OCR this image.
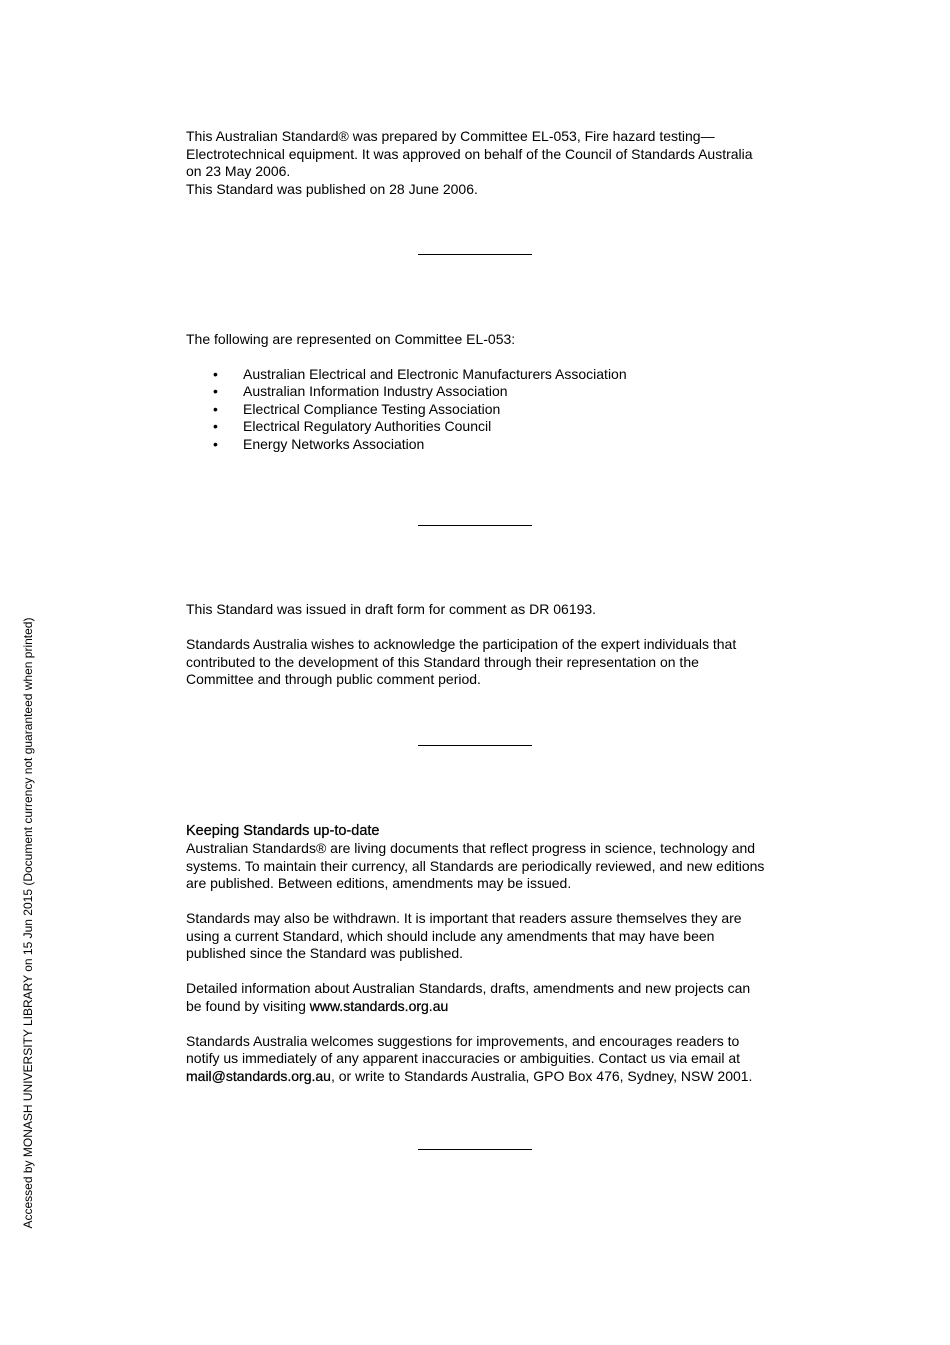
This Australian Standard® was prepared by Committee EL-053, Fire hazard testing—

Electrotechnical equipment. It was approved on behalf of the Council of Standards Australia

on 23 May 2006.

This Standard was published on 28 June 2006.

The following are represented on Committee EL-053:

• Australian Electrical and Electronic Manufacturers Association
• Australian Information Industry Association
• Electrical Compliance Testing Association
• Electrical Regulatory Authorities Council
• Energy Networks Association

This Standard was issued in draft form for comment as DR 06193.

Standards Australia wishes to acknowledge the participation of the expert individuals that

contributed to the development of this Standard through their representation on the

Committee and through public comment period.

Keeping Standards up-to-date

Australian Standards® are living documents that reflect progress in science, technology and

systems. To maintain their currency, all Standards are periodically reviewed, and new editions

are published. Between editions, amendments may be issued.

Standards may also be withdrawn. It is important that readers assure themselves they are

using a current Standard, which should include any amendments that may have been

published since the Standard was published.

Detailed information about Australian Standards, drafts, amendments and new projects can

be found by visiting www.standards.org.au

Standards Australia welcomes suggestions for improvements, and encourages readers to

notify us immediately of any apparent inaccuracies or ambiguities. Contact us via email at

mail@standards.org.au, or write to Standards Australia, GPO Box 476, Sydney, NSW 2001.

Accessed by MONASH UNIVERSITY LIBRARY on 15 Jun 2015 (Document currency not guaranteed when printed)
